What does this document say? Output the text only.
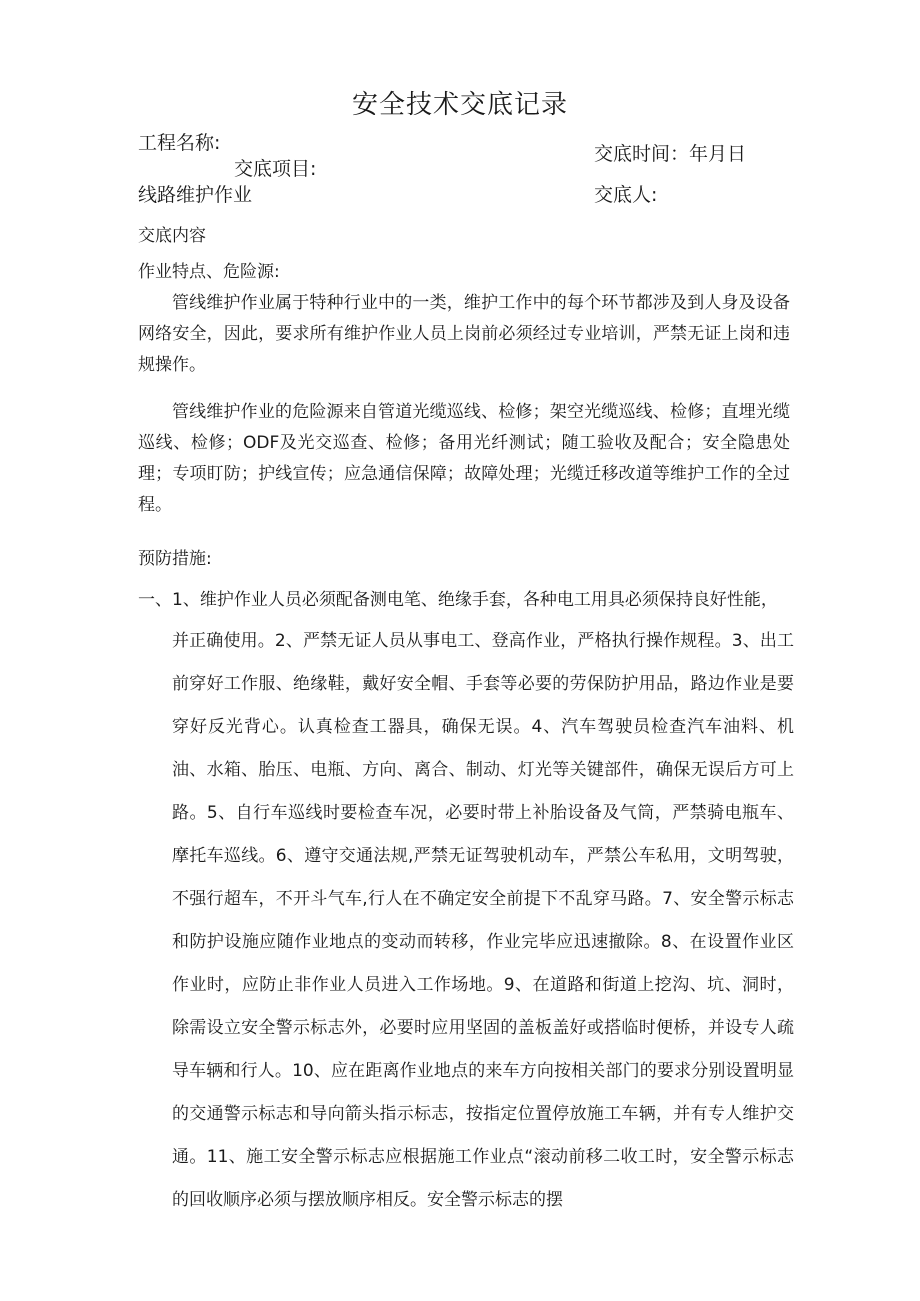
安全技术交底记录
工程名称:
交底项目:
线路维护作业
交底时间：年月日
交底人:
交底内容
作业特点、危险源:
管线维护作业属于特种行业中的一类，维护工作中的每个环节都涉及到人身及设备网络安全，因此，要求所有维护作业人员上岗前必须经过专业培训，严禁无证上岗和违规操作。
管线维护作业的危险源来自管道光缆巡线、检修；架空光缆巡线、检修；直埋光缆巡线、检修；ODF及光交巡查、检修；备用光纤测试；随工验收及配合；安全隐患处理；专项盯防；护线宣传；应急通信保障；故障处理；光缆迁移改道等维护工作的全过程。
预防措施:
一、 1、维护作业人员必须配备测电笔、绝缘手套，各种电工用具必须保持良好性能，
并正确使用。2、严禁无证人员从事电工、登高作业，严格执行操作规程。3、出工前穿好工作服、绝缘鞋，戴好安全帽、手套等必要的劳保防护用品，路边作业是要穿好反光背心。认真检查工器具，确保无误。4、汽车驾驶员检查汽车油料、机油、水箱、胎压、电瓶、方向、离合、制动、灯光等关键部件，确保无误后方可上路。5、自行车巡线时要检查车况，必要时带上补胎设备及气筒，严禁骑电瓶车、摩托车巡线。6、遵守交通法规,严禁无证驾驶机动车，严禁公车私用，文明驾驶，不强行超车，不开斗气车,行人在不确定安全前提下不乱穿马路。7、安全警示标志和防护设施应随作业地点的变动而转移，作业完毕应迅速撤除。8、在设置作业区作业时，应防止非作业人员进入工作场地。9、在道路和街道上挖沟、坑、洞时，除需设立安全警示标志外，必要时应用坚固的盖板盖好或搭临时便桥，并设专人疏导车辆和行人。10、应在距离作业地点的来车方向按相关部门的要求分别设置明显的交通警示标志和导向箭头指示标志，按指定位置停放施工车辆，并有专人维护交通。11、施工安全警示标志应根据施工作业点“滚动前移二收工时，安全警示标志的回收顺序必须与摆放顺序相反。安全警示标志的摆
